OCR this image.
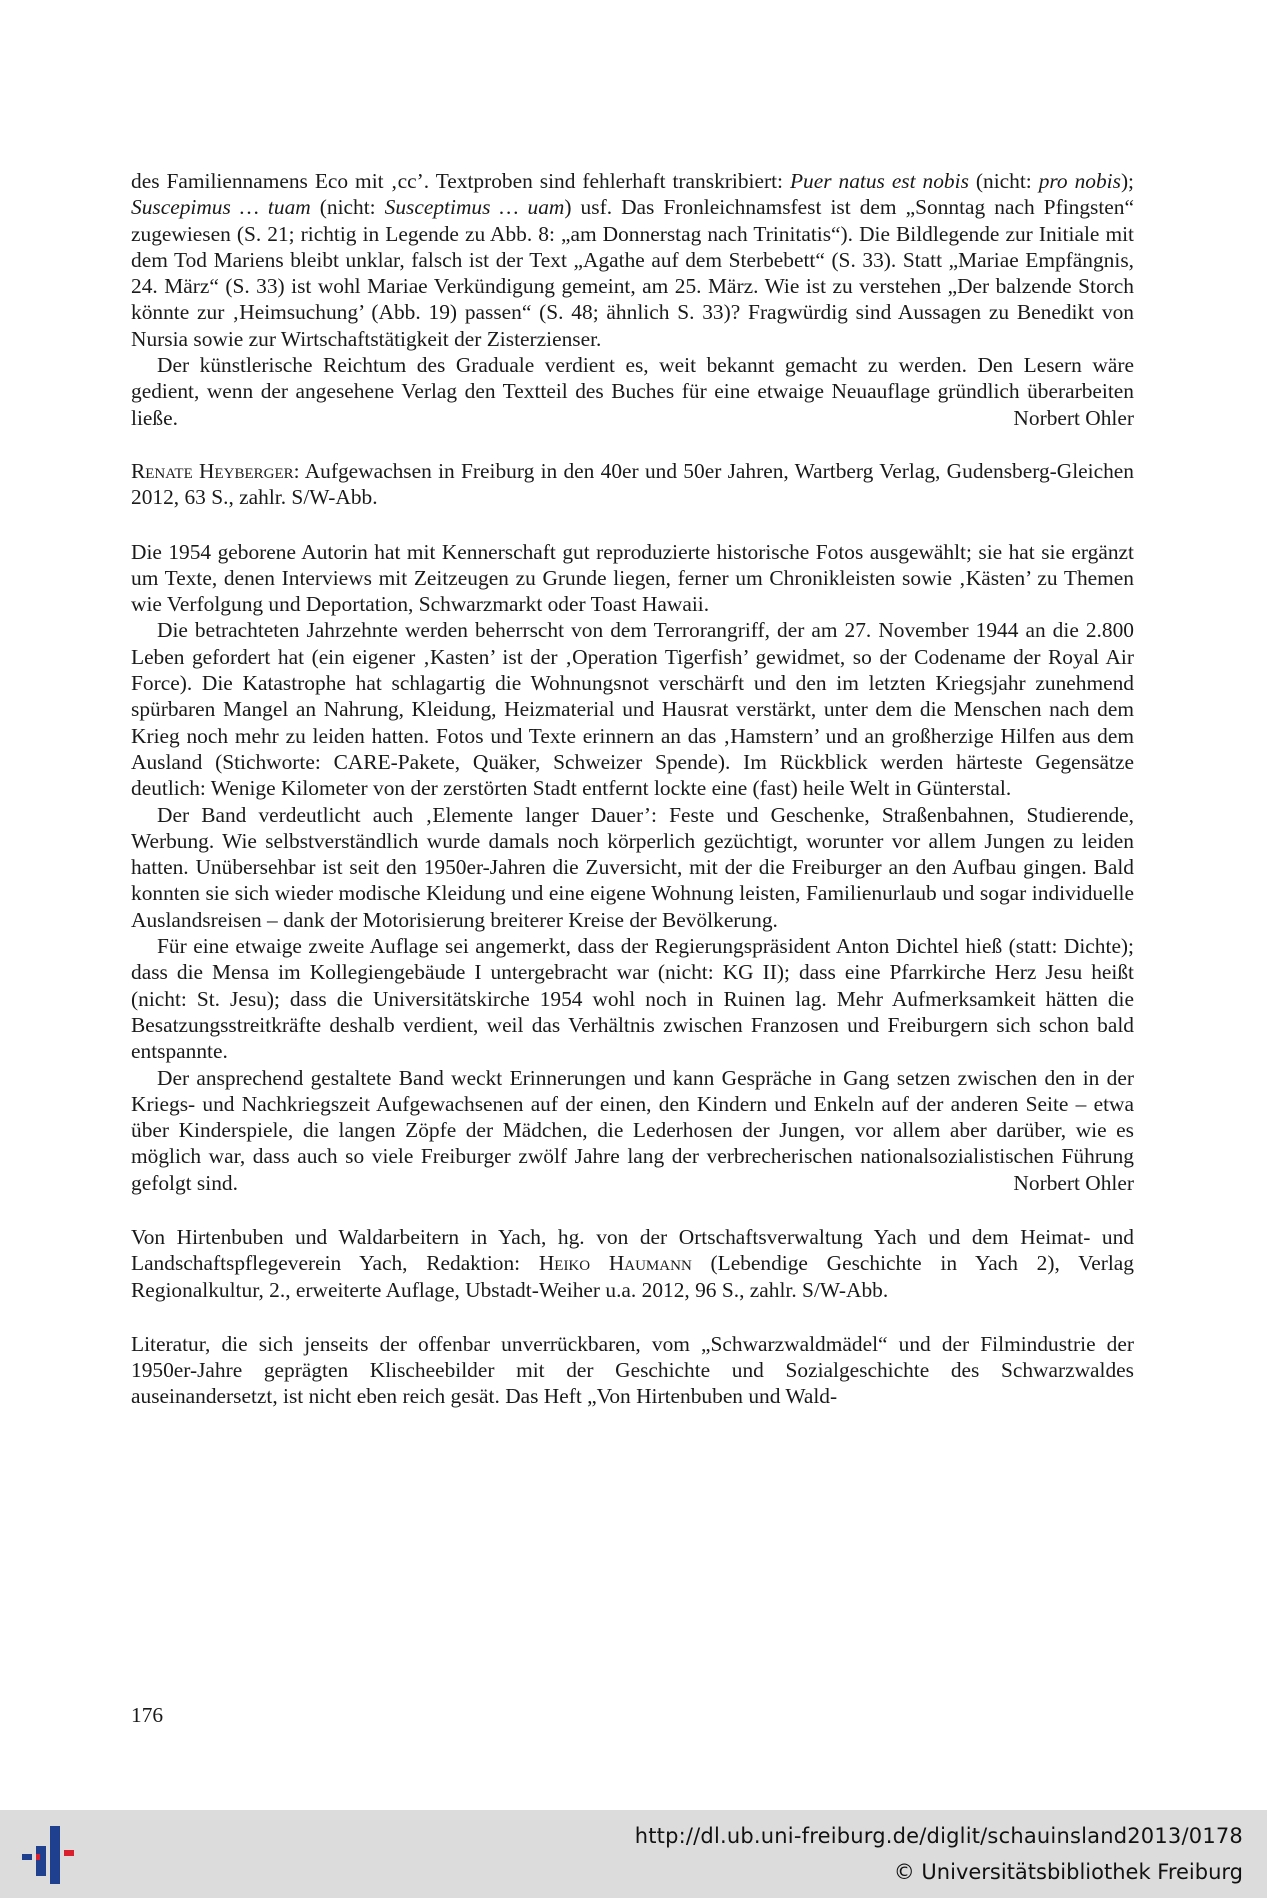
des Familiennamens Eco mit ‚cc’. Textproben sind fehlerhaft transkribiert: Puer natus est nobis (nicht: pro nobis); Suscepimus … tuam (nicht: Susceptimus … uam) usf. Das Fronleichnamsfest ist dem „Sonntag nach Pfingsten“ zugewiesen (S. 21; richtig in Legende zu Abb. 8: „am Donnerstag nach Trinitatis“). Die Bildlegende zur Initiale mit dem Tod Mariens bleibt unklar, falsch ist der Text „Agathe auf dem Sterbebett“ (S. 33). Statt „Mariae Empfängnis, 24. März“ (S. 33) ist wohl Mariae Verkündigung gemeint, am 25. März. Wie ist zu verstehen „Der balzende Storch könnte zur ‚Heimsuchung’ (Abb. 19) passen“ (S. 48; ähnlich S. 33)? Fragwürdig sind Aussagen zu Benedikt von Nursia sowie zur Wirtschaftstätigkeit der Zisterzienser.

Der künstlerische Reichtum des Graduale verdient es, weit bekannt gemacht zu werden. Den Lesern wäre gedient, wenn der angesehene Verlag den Textteil des Buches für eine etwaige Neuauflage gründlich überarbeiten ließe.	Norbert Ohler

Renate Heyberger: Aufgewachsen in Freiburg in den 40er und 50er Jahren, Wartberg Verlag, Gudensberg-Gleichen 2012, 63 S., zahlr. S/W-Abb.

Die 1954 geborene Autorin hat mit Kennerschaft gut reproduzierte historische Fotos ausgewählt; sie hat sie ergänzt um Texte, denen Interviews mit Zeitzeugen zu Grunde liegen, ferner um Chronikleisten sowie ‚Kästen’ zu Themen wie Verfolgung und Deportation, Schwarzmarkt oder Toast Hawaii.

Die betrachteten Jahrzehnte werden beherrscht von dem Terrorangriff, der am 27. November 1944 an die 2.800 Leben gefordert hat (ein eigener ‚Kasten’ ist der ‚Operation Tigerfish’ gewidmet, so der Codename der Royal Air Force). Die Katastrophe hat schlagartig die Wohnungsnot verschärft und den im letzten Kriegsjahr zunehmend spürbaren Mangel an Nahrung, Kleidung, Heizmaterial und Hausrat verstärkt, unter dem die Menschen nach dem Krieg noch mehr zu leiden hatten. Fotos und Texte erinnern an das ‚Hamstern’ und an großherzige Hilfen aus dem Ausland (Stichworte: CARE-Pakete, Quäker, Schweizer Spende). Im Rückblick werden härteste Gegensätze deutlich: Wenige Kilometer von der zerstörten Stadt entfernt lockte eine (fast) heile Welt in Günterstal.

Der Band verdeutlicht auch ‚Elemente langer Dauer’: Feste und Geschenke, Straßenbahnen, Studierende, Werbung. Wie selbstverständlich wurde damals noch körperlich gezüchtigt, worunter vor allem Jungen zu leiden hatten. Unübersehbar ist seit den 1950er-Jahren die Zuversicht, mit der die Freiburger an den Aufbau gingen. Bald konnten sie sich wieder modische Kleidung und eine eigene Wohnung leisten, Familienurlaub und sogar individuelle Auslandsreisen – dank der Motorisierung breiterer Kreise der Bevölkerung.

Für eine etwaige zweite Auflage sei angemerkt, dass der Regierungspräsident Anton Dichtel hieß (statt: Dichte); dass die Mensa im Kollegiengebäude I untergebracht war (nicht: KG II); dass eine Pfarrkirche Herz Jesu heißt (nicht: St. Jesu); dass die Universitätskirche 1954 wohl noch in Ruinen lag. Mehr Aufmerksamkeit hätten die Besatzungsstreitkräfte deshalb verdient, weil das Verhältnis zwischen Franzosen und Freiburgern sich schon bald entspannte.

Der ansprechend gestaltete Band weckt Erinnerungen und kann Gespräche in Gang setzen zwischen den in der Kriegs- und Nachkriegszeit Aufgewachsenen auf der einen, den Kindern und Enkeln auf der anderen Seite – etwa über Kinderspiele, die langen Zöpfe der Mädchen, die Lederhosen der Jungen, vor allem aber darüber, wie es möglich war, dass auch so viele Freiburger zwölf Jahre lang der verbrecherischen nationalsozialistischen Führung gefolgt sind.	Norbert Ohler

Von Hirtenbuben und Waldarbeitern in Yach, hg. von der Ortschaftsverwaltung Yach und dem Heimat- und Landschaftspflegeverein Yach, Redaktion: Heiko Haumann (Lebendige Geschichte in Yach 2), Verlag Regionalkultur, 2., erweiterte Auflage, Ubstadt-Weiher u.a. 2012, 96 S., zahlr. S/W-Abb.

Literatur, die sich jenseits der offenbar unverrückbaren, vom „Schwarzwaldmädel“ und der Filmindustrie der 1950er-Jahre geprägten Klischeebilder mit der Geschichte und Sozialgeschichte des Schwarzwaldes auseinandersetzt, ist nicht eben reich gesät. Das Heft „Von Hirtenbuben und Wald-

176
http://dl.ub.uni-freiburg.de/diglit/schauinsland2013/0178
© Universitätsbibliothek Freiburg
